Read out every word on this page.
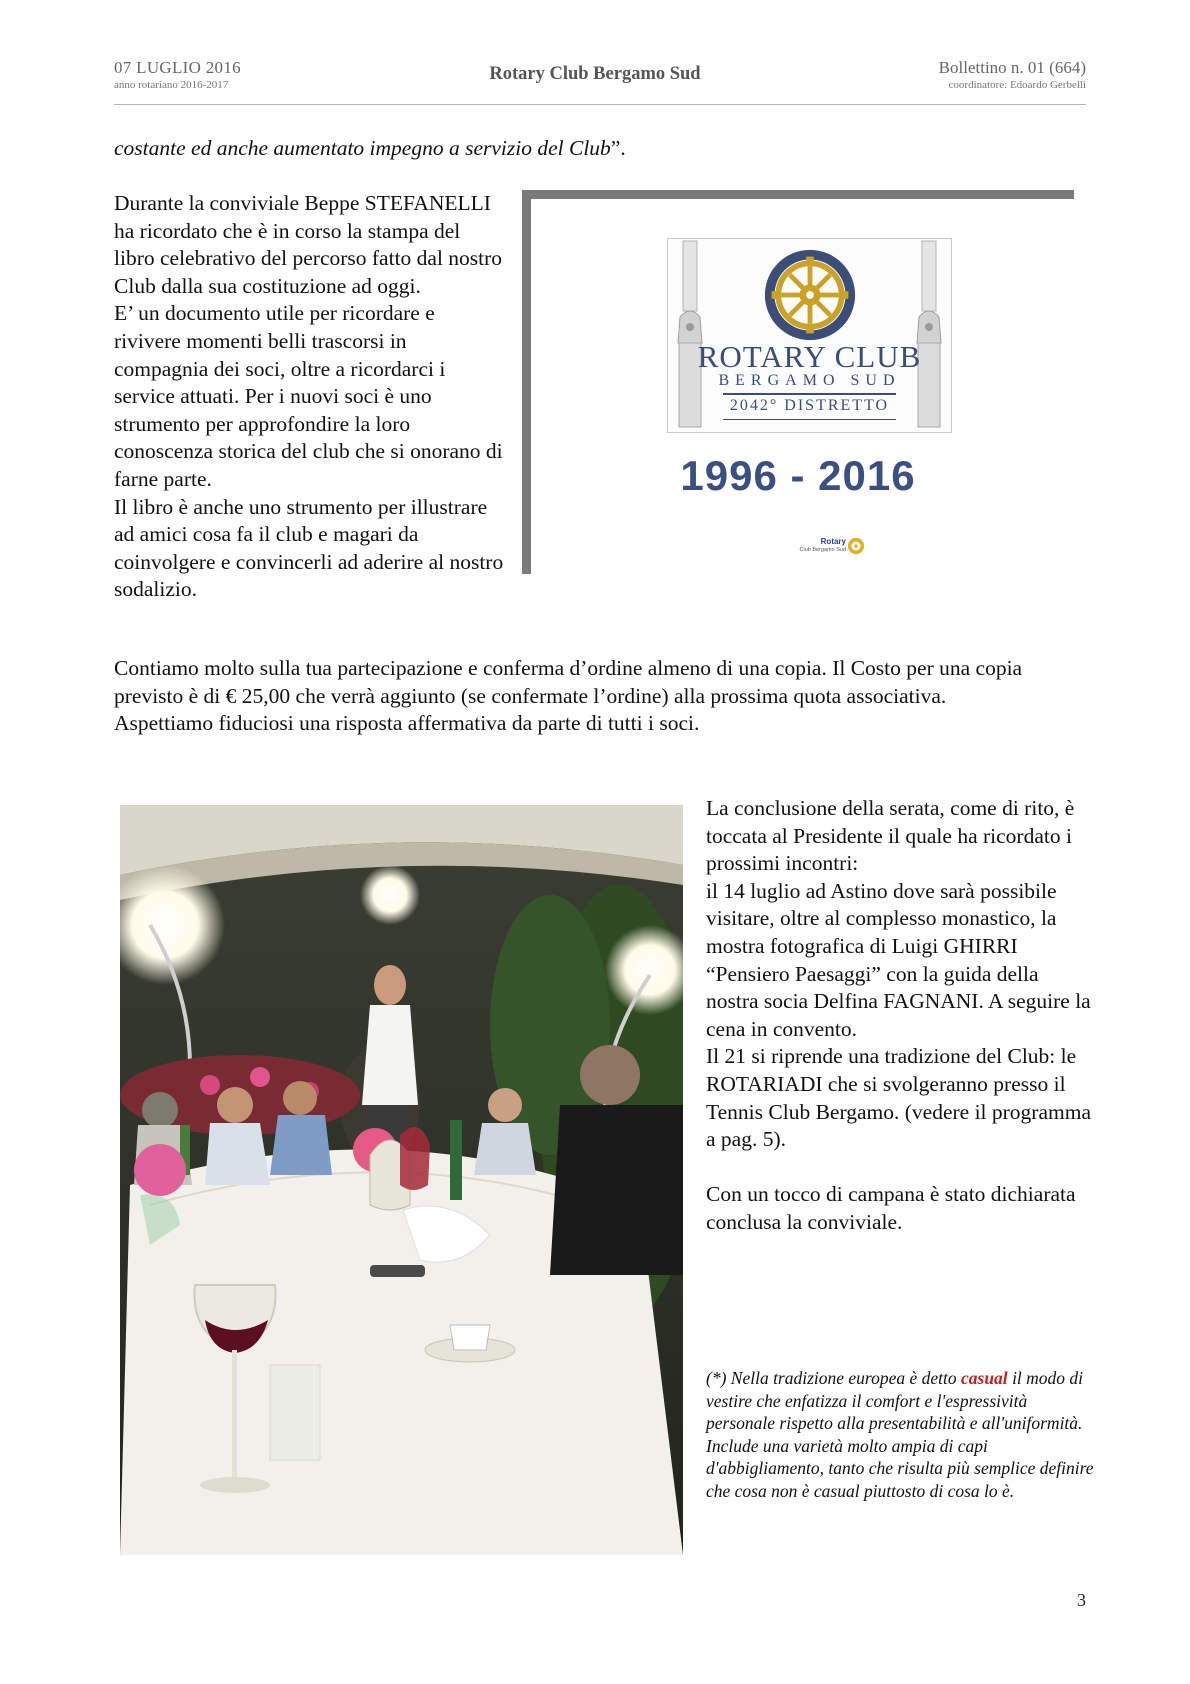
07 LUGLIO 2016
anno rotariano 2016-2017
Rotary Club Bergamo Sud	Bollettino n. 01 (664)
coordinatore: Edoardo Gerbelli
costante ed anche aumentato impegno a servizio del Club”.
Durante la conviviale Beppe STEFANELLI ha ricordato che è in corso la stampa del libro celebrativo del percorso fatto dal nostro Club dalla sua costituzione ad oggi.
E’ un documento utile per ricordare e rivivere momenti belli trascorsi in compagnia dei soci, oltre a ricordarci i service attuati. Per i nuovi soci è uno strumento per approfondire la loro conoscenza storica del club che si onorano di farne parte.
Il libro è anche uno strumento per illustrare ad amici cosa fa il club e magari da coinvolgere e convincerli ad aderire al nostro sodalizio.
ROTARY CLUB
BERGAMO SUD
2042° DISTRETTO
1996 - 2016
Rotary
Club Bergamo Sud
Contiamo molto sulla tua partecipazione e conferma d’ordine almeno di una copia. Il Costo per una copia previsto è di € 25,00 che verrà aggiunto (se confermate l’ordine) alla prossima quota associativa.
Aspettiamo fiduciosi una risposta affermativa da parte di tutti i soci.
La conclusione della serata, come di rito, è toccata al Presidente il quale ha ricordato i prossimi incontri:
il 14 luglio ad Astino dove sarà possibile visitare, oltre al complesso monastico, la mostra fotografica di Luigi GHIRRI “Pensiero Paesaggi” con la guida della nostra socia Delfina FAGNANI. A seguire la cena in convento.
Il 21 si riprende una tradizione del Club: le ROTARIADI che si svolgeranno presso il Tennis Club Bergamo. (vedere il programma a pag. 5).
Con un tocco di campana è stato dichiarata conclusa la conviviale.
(*) Nella tradizione europea è detto casual il modo di vestire che enfatizza il comfort e l'espressività personale rispetto alla presentabilità e all'uniformità. Include una varietà molto ampia di capi d'abbigliamento, tanto che risulta più semplice definire che cosa non è casual piuttosto di cosa lo è.
3
